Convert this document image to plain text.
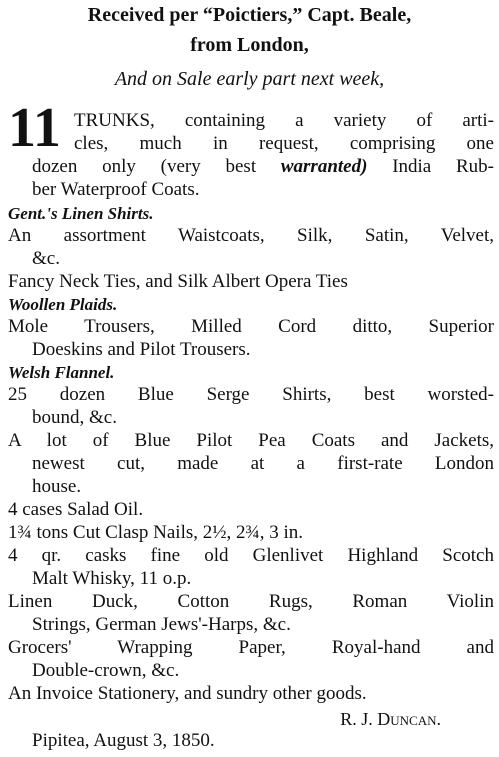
Received per “Poictiers,” Capt. Beale,
from London,
And on Sale early part next week,
11 TRUNKS, containing a variety of arti-
cles, much in request, comprising one
dozen only (very best warranted) India Rub-
ber Waterproof Coats.
Gent.'s Linen Shirts.
An assortment Waistcoats, Silk, Satin, Velvet,
&c.
Fancy Neck Ties, and Silk Albert Opera Ties
Woollen Plaids.
Mole Trousers, Milled Cord ditto, Superior
Doeskins and Pilot Trousers.
Welsh Flannel.
25 dozen Blue Serge Shirts, best worsted-
bound, &c.
A lot of Blue Pilot Pea Coats and Jackets,
newest cut, made at a first-rate London
house.
4 cases Salad Oil.
1¾ tons Cut Clasp Nails, 2½, 2¾, 3 in.
4 qr. casks fine old Glenlivet Highland Scotch
Malt Whisky, 11 o.p.
Linen Duck, Cotton Rugs, Roman Violin
Strings, German Jews'-Harps, &c.
Grocers' Wrapping Paper, Royal-hand and
Double-crown, &c.
An Invoice Stationery, and sundry other goods.
R. J. Duncan.
Pipitea, August 3, 1850.
